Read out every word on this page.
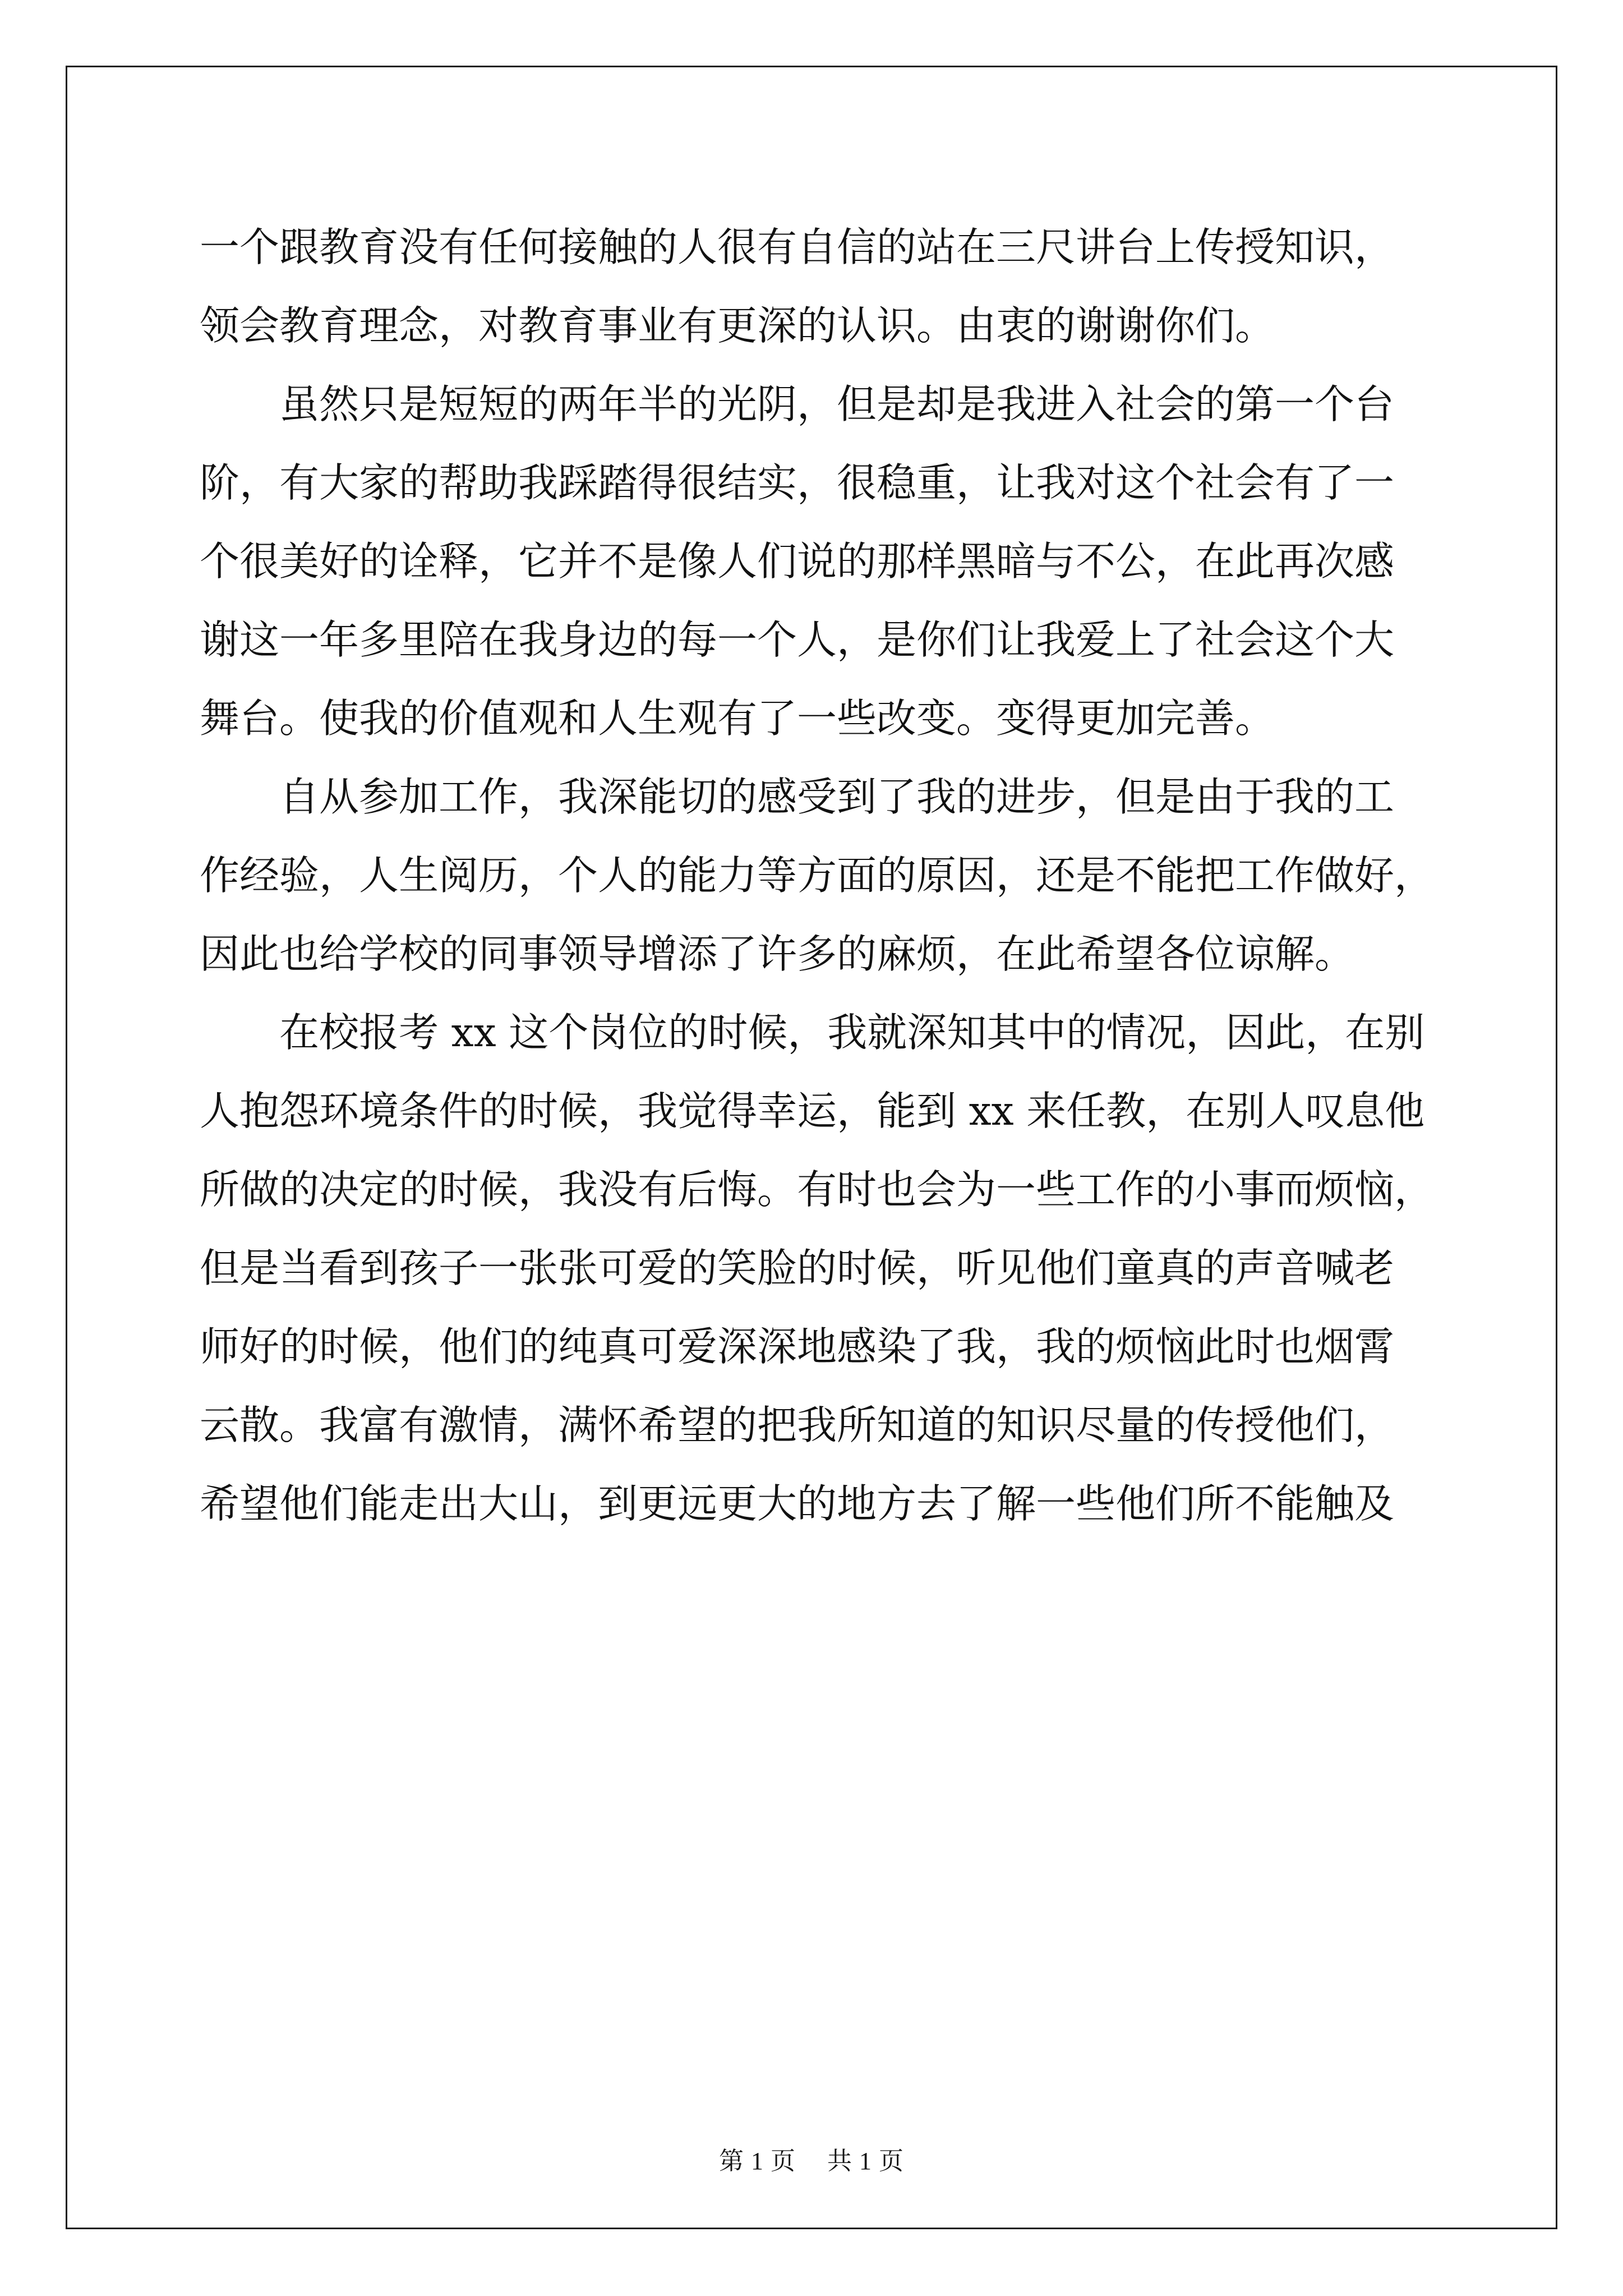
一个跟教育没有任何接触的人很有自信的站在三尺讲台上传授知识，
领会教育理念，对教育事业有更深的认识。由衷的谢谢你们。
虽然只是短短的两年半的光阴，但是却是我进入社会的第一个台
阶，有大家的帮助我踩踏得很结实，很稳重，让我对这个社会有了一
个很美好的诠释，它并不是像人们说的那样黑暗与不公，在此再次感
谢这一年多里陪在我身边的每一个人，是你们让我爱上了社会这个大
舞台。使我的价值观和人生观有了一些改变。变得更加完善。
自从参加工作，我深能切的感受到了我的进步，但是由于我的工
作经验，人生阅历，个人的能力等方面的原因，还是不能把工作做好，
因此也给学校的同事领导增添了许多的麻烦，在此希望各位谅解。
在校报考 xx 这个岗位的时候，我就深知其中的情况，因此，在别
人抱怨环境条件的时候，我觉得幸运，能到 xx 来任教，在别人叹息他
所做的决定的时候，我没有后悔。有时也会为一些工作的小事而烦恼，
但是当看到孩子一张张可爱的笑脸的时候，听见他们童真的声音喊老
师好的时候，他们的纯真可爱深深地感染了我，我的烦恼此时也烟霄
云散。我富有激情，满怀希望的把我所知道的知识尽量的传授他们，
希望他们能走出大山，到更远更大的地方去了解一些他们所不能触及
第 1 页 共 1 页
